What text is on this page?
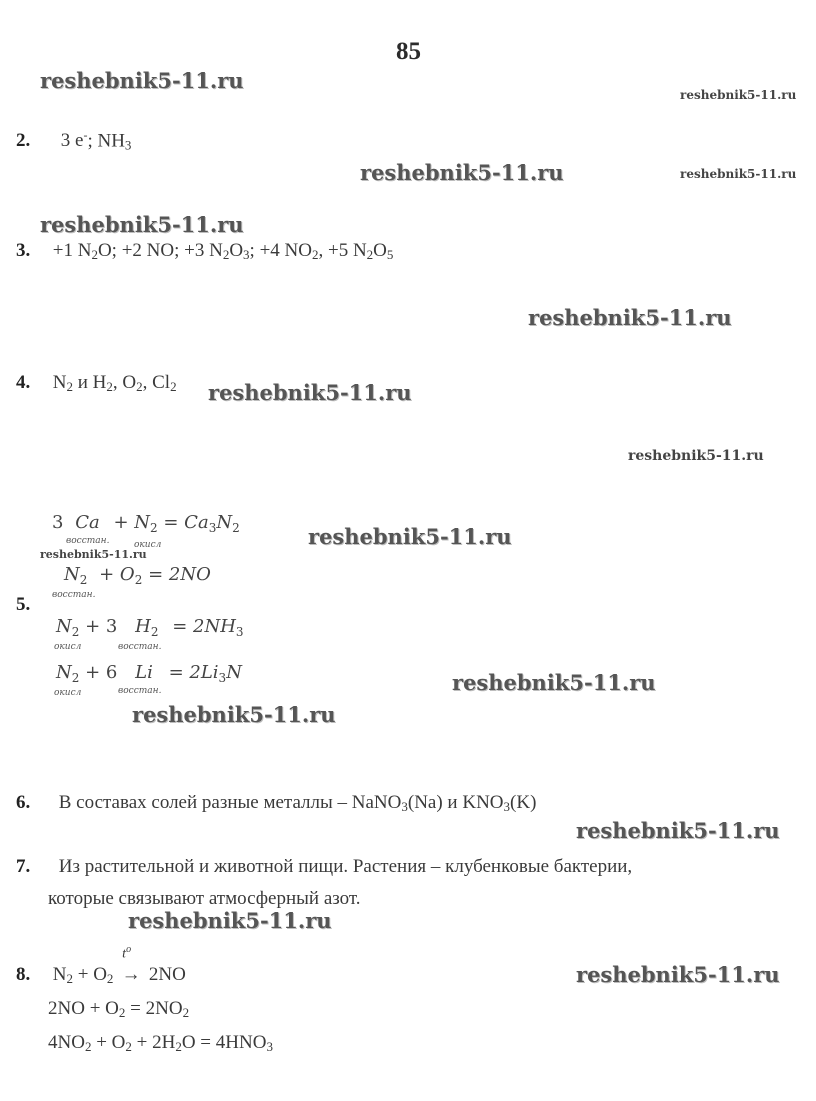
85
reshebnik5-11.ru
reshebnik5-11.ru
reshebnik5-11.ru	reshebnik5-11.ru
reshebnik5-11.ru
reshebnik5-11.ru
reshebnik5-11.ru
reshebnik5-11.ru
reshebnik5-11.ru
reshebnik5-11.ru
reshebnik5-11.ru
reshebnik5-11.ru
reshebnik5-11.ru
reshebnik5-11.ru
reshebnik5-11.ru
2. 3 e-; $NH_3$
3. +1 $N_2O$; +2 NO; +3 $N_2O_3$; +4 $NO_2$, +5 $N_2O_5$
4. $N_2$ и $H_2$, $O_2$, $Cl_2$
5.
3 $Ca + N_2 = Ca_3N_2$
восстан.	окисл
$N_2 + O_2 = 2NO$
восстан.
$N_2 + 3$ $H_2 = 2NH_3$
окисл	восстан.
$N_2 + 6$ $Li = 2Li_3N$
окисл	восстан.
6. В составах солей разные металлы – NaNO$_3$(Na) и $KNO_3(K)$
7. Из растительной и животной пищи. Растения – клубенковые бактерии,
которые связывают атмосферный азот.
8. $N_2 + O_2$
$t^o$
→ 2NO
$2NO + O_2 = 2NO_2$
$4NO_2 + O_2 + 2H_2O = 4HNO_3$
